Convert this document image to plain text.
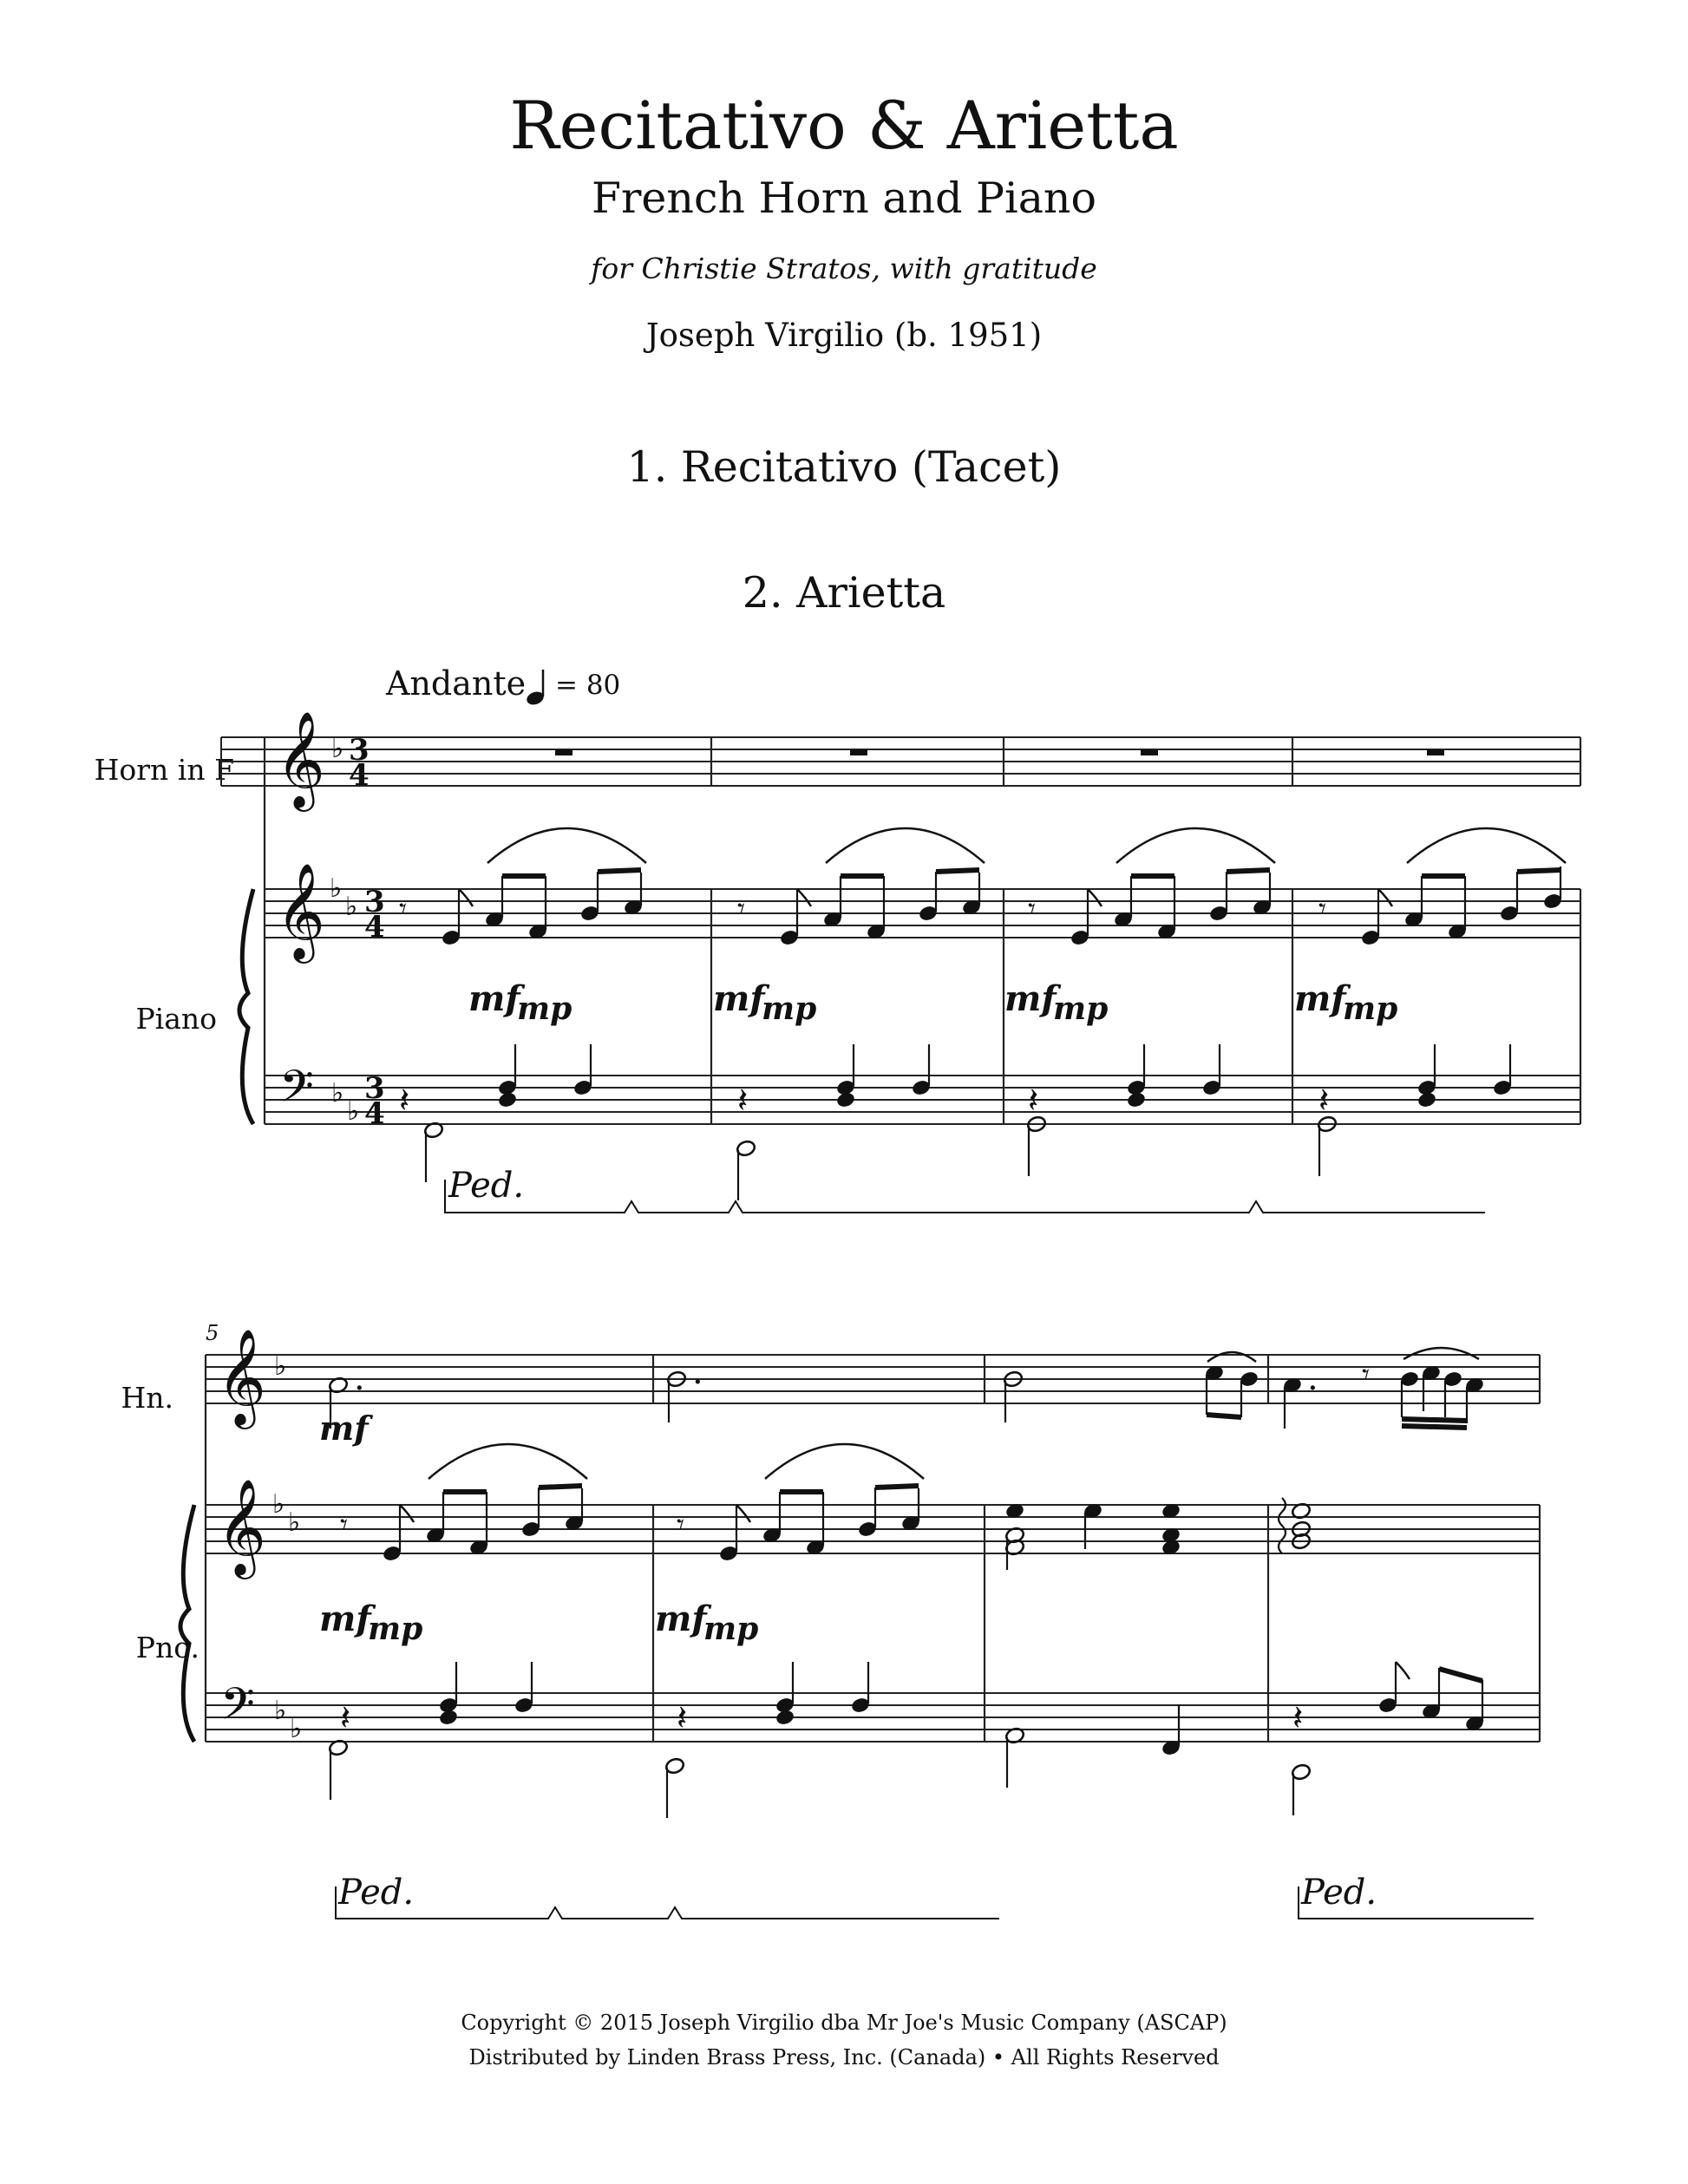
Recitativo & Arietta
French Horn and Piano
for Christie Stratos, with gratitude
Joseph Virgilio (b. 1951)
1. Recitativo (Tacet)
2. Arietta
Andante = 80
Horn in F
Piano
Hn.
Pno.
𝄞 ♭ 3
4
𝄞 ♭
♭ 3
4
𝄢 ♭
♭
3
4
𝄾
𝄽
𝄾
𝄽
𝄾
𝄽
𝄾
𝄽
𝄞 ♭
𝄞 ♭
♭
𝄢 ♭
♭
.	.	. 𝄾
𝄾
𝄽
𝄾
𝄽	𝄽
mf
mp	mf
mp	mf
mp	mf
mp
Ped.
5
mf
mf
mp	mf
mp
Ped.	Ped.
Copyright © 2015 Joseph Virgilio dba Mr Joe's Music Company (ASCAP)
Distributed by Linden Brass Press, Inc. (Canada) • All Rights Reserved
